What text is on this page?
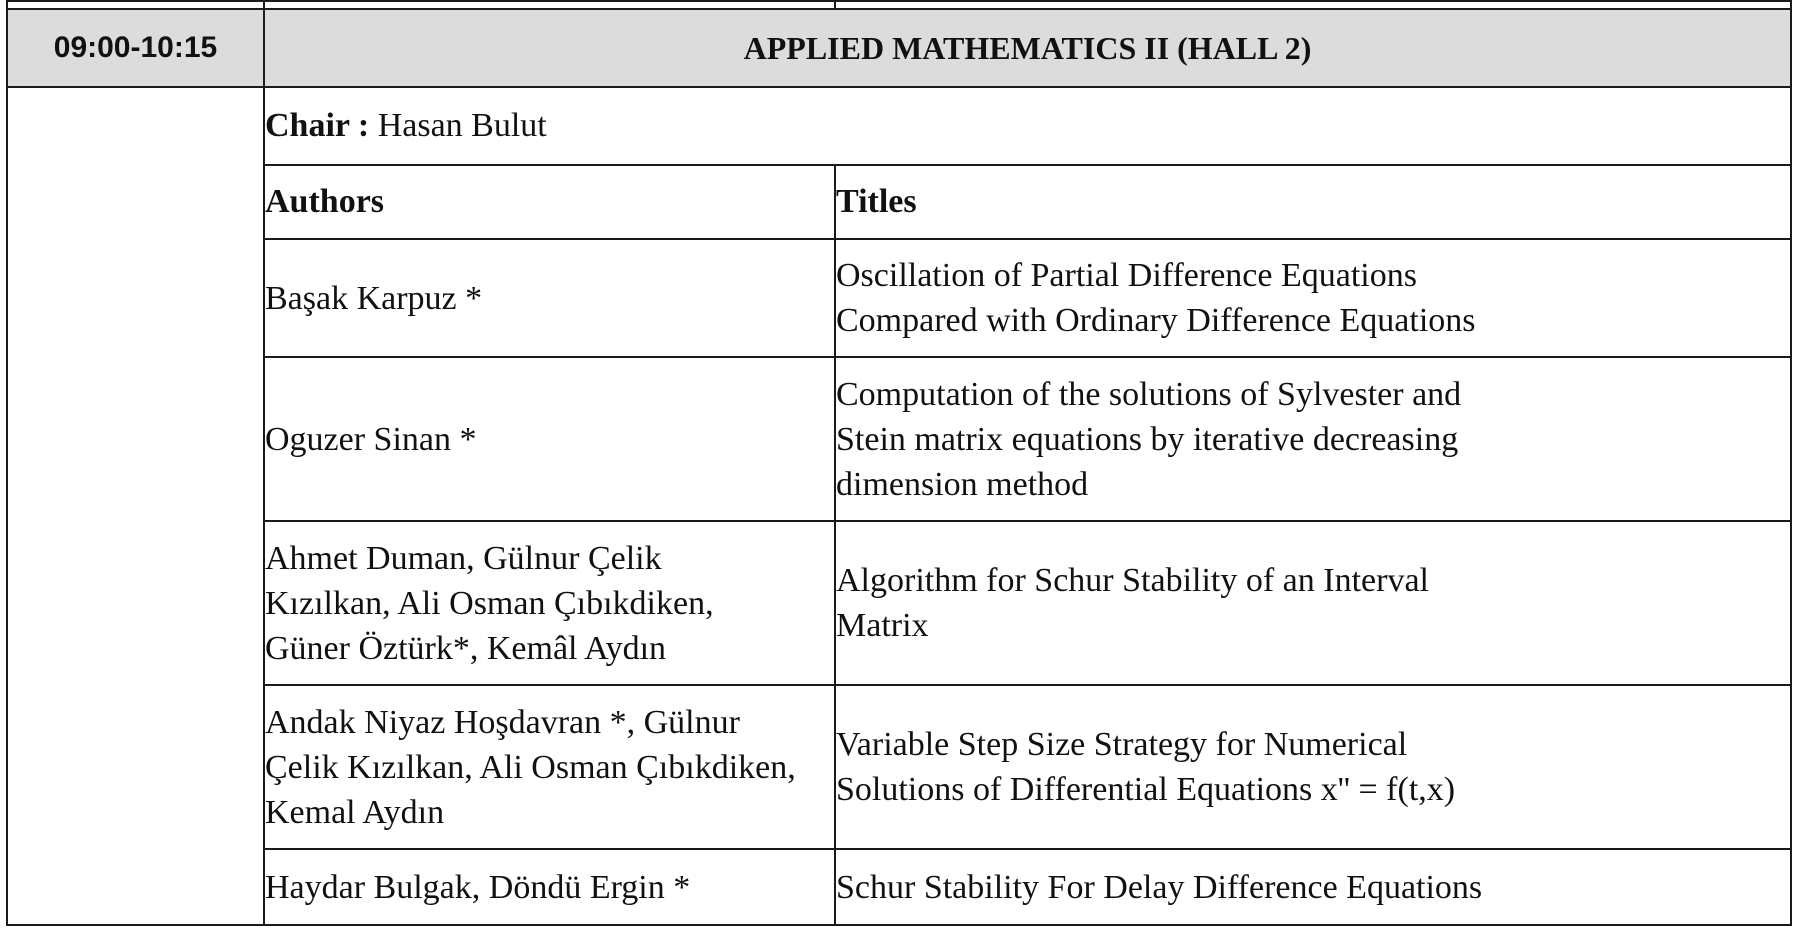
09:00-10:15	APPLIED MATHEMATICS II (HALL 2)	
	Chair : Hasan Bulut	
	Authors	Titles
	Başak Karpuz *	Oscillation of Partial Difference Equations
Compared with Ordinary Difference Equations
	Oguzer Sinan *	Computation of the solutions of Sylvester and
Stein matrix equations by iterative decreasing
dimension method
	Ahmet Duman, Gülnur Çelik
Kızılkan, Ali Osman Çıbıkdiken,
Güner Öztürk*, Kemâl Aydın	Algorithm for Schur Stability of an Interval
Matrix
	Andak Niyaz Hoşdavran *, Gülnur
Çelik Kızılkan, Ali Osman Çıbıkdiken,
Kemal Aydın	Variable Step Size Strategy for Numerical
Solutions of Differential Equations x'' = f(t,x)
	Haydar Bulgak, Döndü Ergin *	Schur Stability For Delay Difference Equations
